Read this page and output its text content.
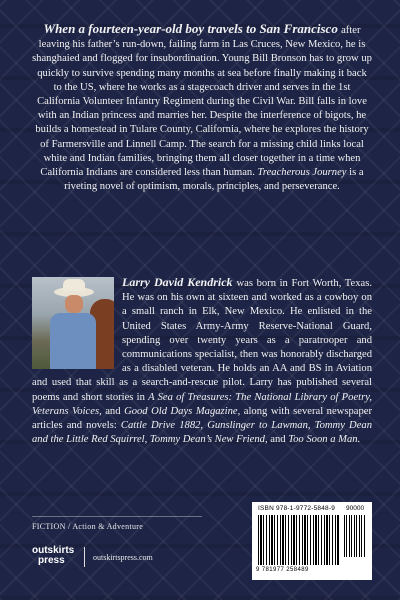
When a fourteen-year-old boy travels to San Francisco after leaving his father’s run-down, failing farm in Las Cruces, New Mexico, he is shanghaied and flogged for insubordination. Young Bill Bronson has to grow up quickly to survive spending many months at sea before finally making it back to the US, where he works as a stagecoach driver and serves in the 1st California Volunteer Infantry Regiment during the Civil War. Bill falls in love with an Indian princess and marries her. Despite the interference of bigots, he builds a homestead in Tulare County, California, where he explores the history of Farmersville and Linnell Camp. The search for a missing child links local white and Indian families, bringing them all closer together in a time when California Indians are considered less than human. Treacherous Journey is a riveting novel of optimism, morals, principles, and perseverance.
Larry David Kendrick was born in Fort Worth, Texas. He was on his own at sixteen and worked as a cowboy on a small ranch in Elk, New Mexico. He enlisted in the United States Army-Army Reserve-National Guard, spending over twenty years as a paratrooper and communications specialist, then was honorably discharged as a disabled veteran. He holds an AA and BS in Aviation and used that skill as a search-and-rescue pilot. Larry has published several poems and short stories in A Sea of Treasures: The National Library of Poetry, Veterans Voices, and Good Old Days Magazine, along with several newspaper articles and novels: Cattle Drive 1882, Gunslinger to Lawman, Tommy Dean and the Little Red Squirrel, Tommy Dean’s New Friend, and Too Soon a Man.
FICTION / Action & Adventure
outskirts
press	outskirtspress.com
ISBN 978-1-9772-5848-9 90000
9 781977 258489
